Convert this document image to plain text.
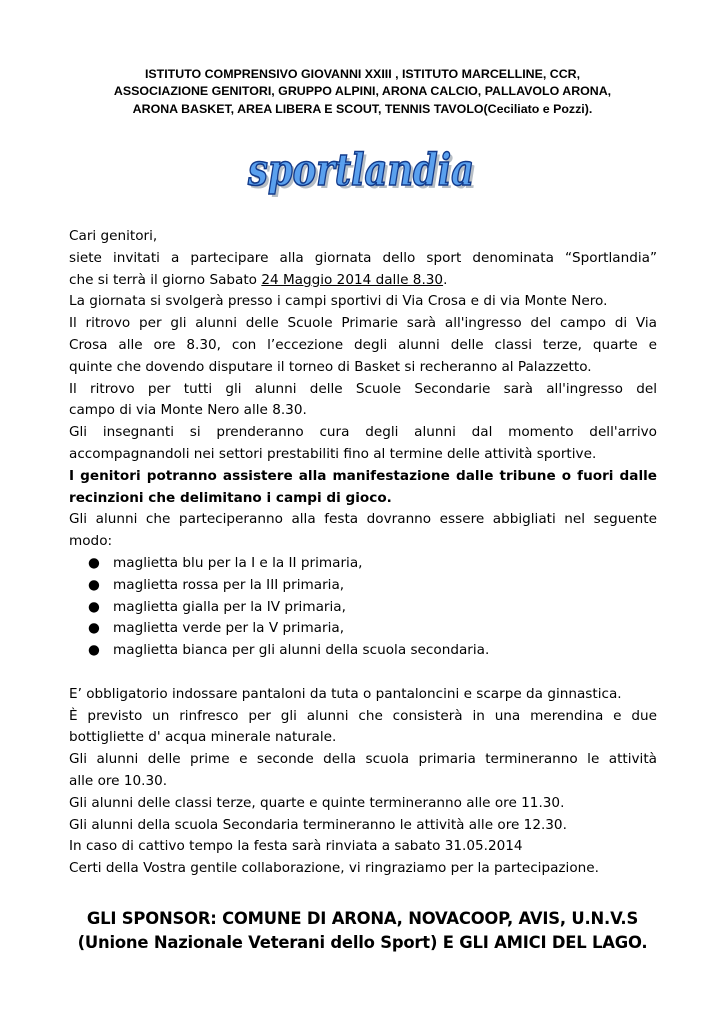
ISTITUTO COMPRENSIVO GIOVANNI XXIII , ISTITUTO MARCELLINE, CCR,
ASSOCIAZIONE GENITORI, GRUPPO ALPINI, ARONA CALCIO, PALLAVOLO ARONA,
ARONA BASKET, AREA LIBERA E SCOUT, TENNIS TAVOLO(Ceciliato e Pozzi).
sportlandia
sportlandia
Cari genitori,
siete invitati a partecipare alla giornata dello sport denominata “Sportlandia”
che si terrà il giorno Sabato 24 Maggio 2014 dalle 8.30.
La giornata si svolgerà presso i campi sportivi di Via Crosa e di via Monte Nero.
Il ritrovo per gli alunni delle Scuole Primarie sarà all'ingresso del campo di Via
Crosa alle ore 8.30, con l’eccezione degli alunni delle classi terze, quarte e
quinte che dovendo disputare il torneo di Basket si recheranno al Palazzetto.
Il ritrovo per tutti gli alunni delle Scuole Secondarie sarà all'ingresso del
campo di via Monte Nero alle 8.30.
Gli insegnanti si prenderanno cura degli alunni dal momento dell'arrivo
accompagnandoli nei settori prestabiliti fino al termine delle attività sportive.
I genitori potranno assistere alla manifestazione dalle tribune o fuori dalle
recinzioni che delimitano i campi di gioco.
Gli alunni che parteciperanno alla festa dovranno essere abbigliati nel seguente
modo:
● maglietta blu per la I e la II primaria,
● maglietta rossa per la III primaria,
● maglietta gialla per la IV primaria,
● maglietta verde per la V primaria,
● maglietta bianca per gli alunni della scuola secondaria.
E’ obbligatorio indossare pantaloni da tuta o pantaloncini e scarpe da ginnastica.
È previsto un rinfresco per gli alunni che consisterà in una merendina e due
bottigliette d' acqua minerale naturale.
Gli alunni delle prime e seconde della scuola primaria termineranno le attività
alle ore 10.30.
Gli alunni delle classi terze, quarte e quinte termineranno alle ore 11.30.
Gli alunni della scuola Secondaria termineranno le attività alle ore 12.30.
In caso di cattivo tempo la festa sarà rinviata a sabato 31.05.2014
Certi della Vostra gentile collaborazione, vi ringraziamo per la partecipazione.
GLI SPONSOR: COMUNE DI ARONA, NOVACOOP, AVIS, U.N.V.S
(Unione Nazionale Veterani dello Sport) E GLI AMICI DEL LAGO.
